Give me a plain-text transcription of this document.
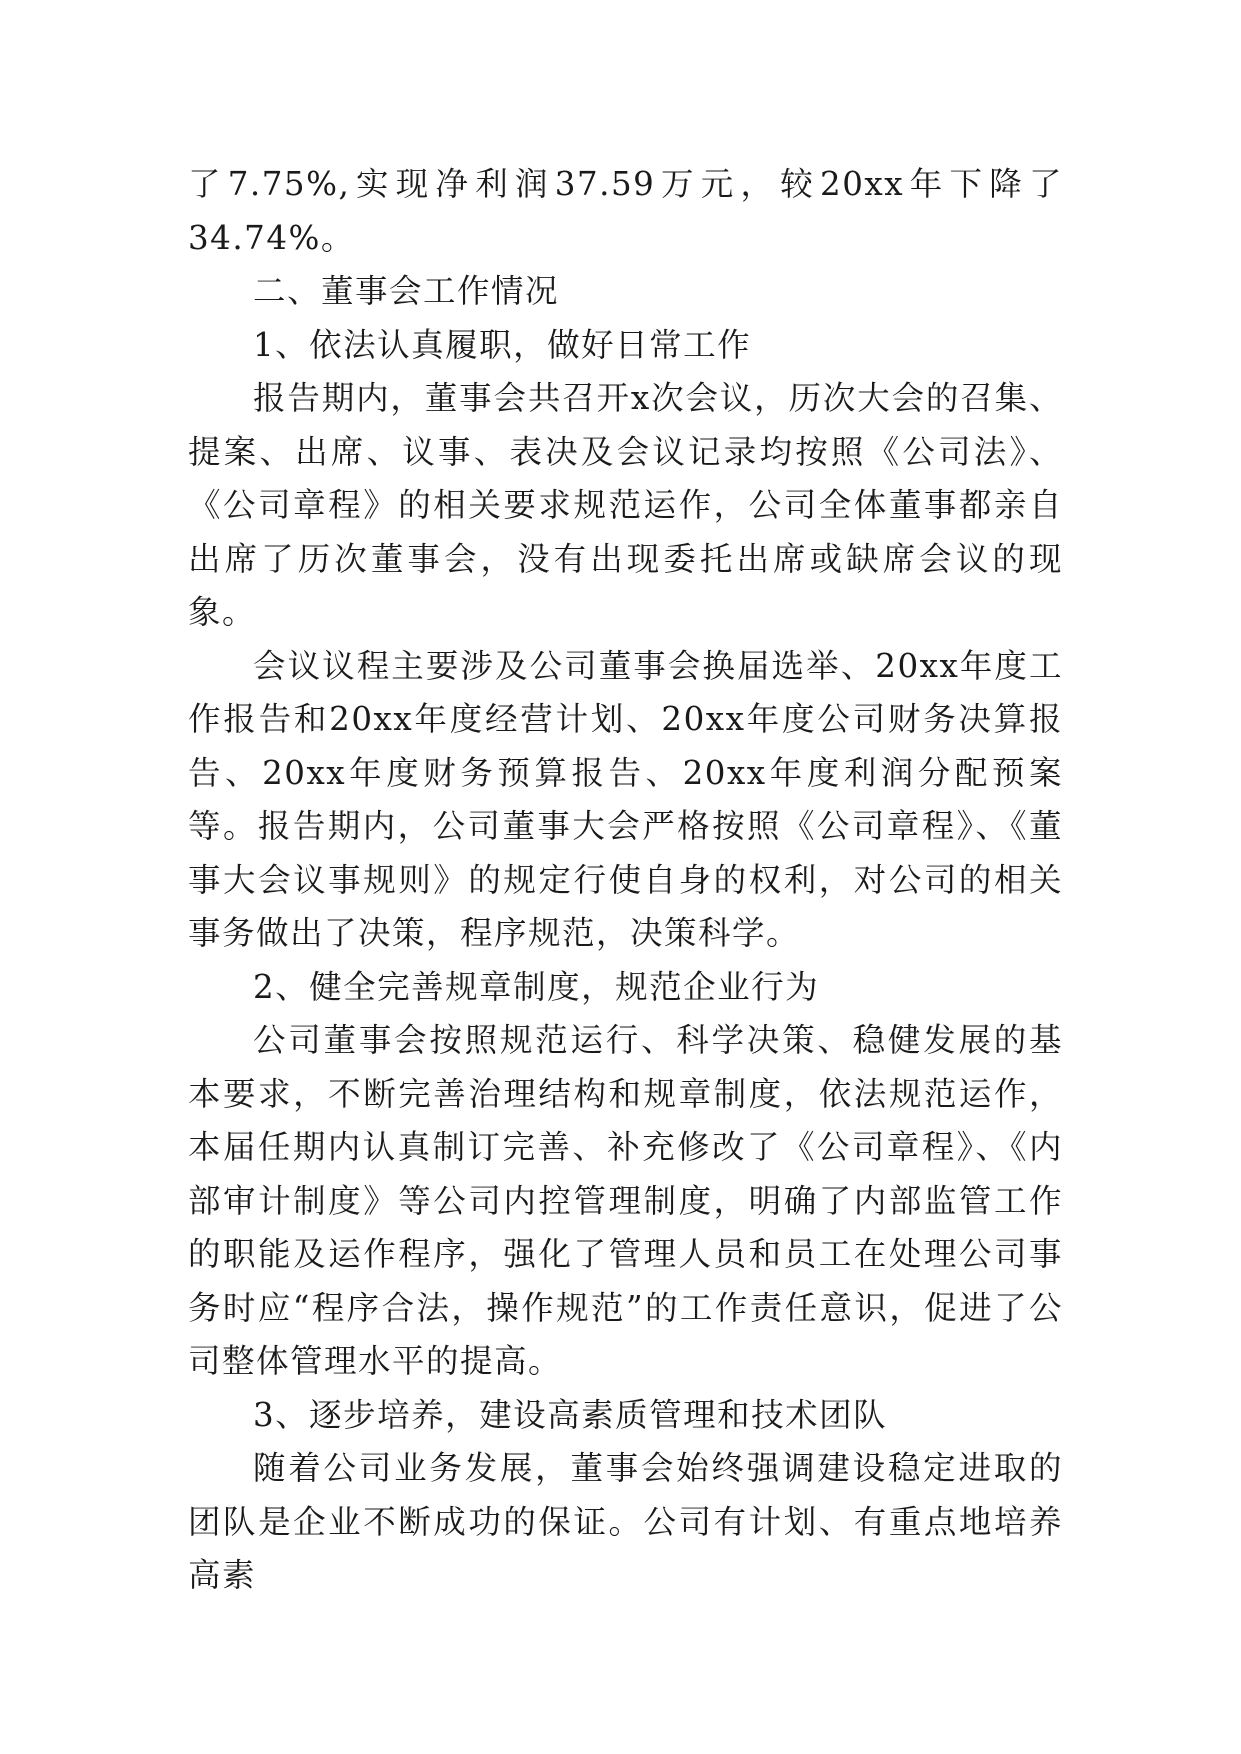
了7.75%,实现净利润37.59万元，较20xx年下降了34.74%。

二、董事会工作情况

1、依法认真履职，做好日常工作

报告期内，董事会共召开x次会议，历次大会的召集、提案、出席、议事、表决及会议记录均按照《公司法》、《公司章程》的相关要求规范运作，公司全体董事都亲自出席了历次董事会，没有出现委托出席或缺席会议的现象。

会议议程主要涉及公司董事会换届选举、20xx年度工作报告和20xx年度经营计划、20xx年度公司财务决算报告、20xx年度财务预算报告、20xx年度利润分配预案等。报告期内，公司董事大会严格按照《公司章程》、《董事大会议事规则》的规定行使自身的权利，对公司的相关事务做出了决策，程序规范，决策科学。

2、健全完善规章制度，规范企业行为

公司董事会按照规范运行、科学决策、稳健发展的基本要求，不断完善治理结构和规章制度，依法规范运作，本届任期内认真制订完善、补充修改了《公司章程》、《内部审计制度》等公司内控管理制度，明确了内部监管工作的职能及运作程序，强化了管理人员和员工在处理公司事务时应“程序合法，操作规范”的工作责任意识，促进了公司整体管理水平的提高。

3、逐步培养，建设高素质管理和技术团队

随着公司业务发展，董事会始终强调建设稳定进取的团队是企业不断成功的保证。公司有计划、有重点地培养高素
